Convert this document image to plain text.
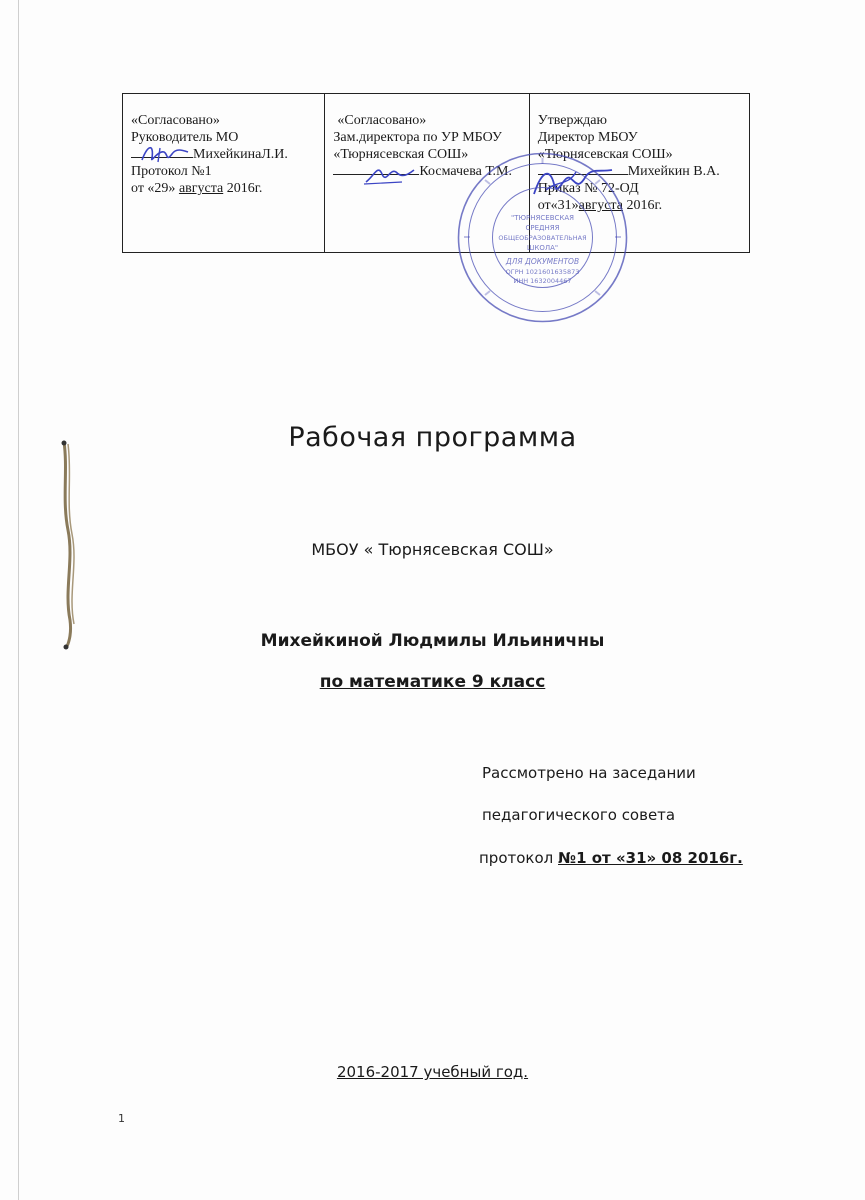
«Согласовано»
Руководитель МО
МихейкинаЛ.И.
Протокол №1
от «29» августа 2016г.
«Согласовано»
Зам.директора по УР МБОУ
«Тюрнясевская СОШ»
Космачева Т.М.
Утверждаю
Директор МБОУ
«Тюрнясевская СОШ»
Михейкин В.А.
Приказ № 72-ОД
от«31»августа 2016г.
"ТЮРНЯСЕВСКАЯ
СРЕДНЯЯ
ОБЩЕОБРАЗОВАТЕЛЬНАЯ
ШКОЛА"
ДЛЯ ДОКУМЕНТОВ
ОГРН 1021601635873
ИНН 1632004467
Рабочая программа
МБОУ « Тюрнясевская СОШ»
Михейкиной Людмилы Ильиничны
по математике 9 класс
Рассмотрено на заседании
педагогического совета
протокол №1 от «31» 08 2016г.
2016-2017 учебный год.
1
